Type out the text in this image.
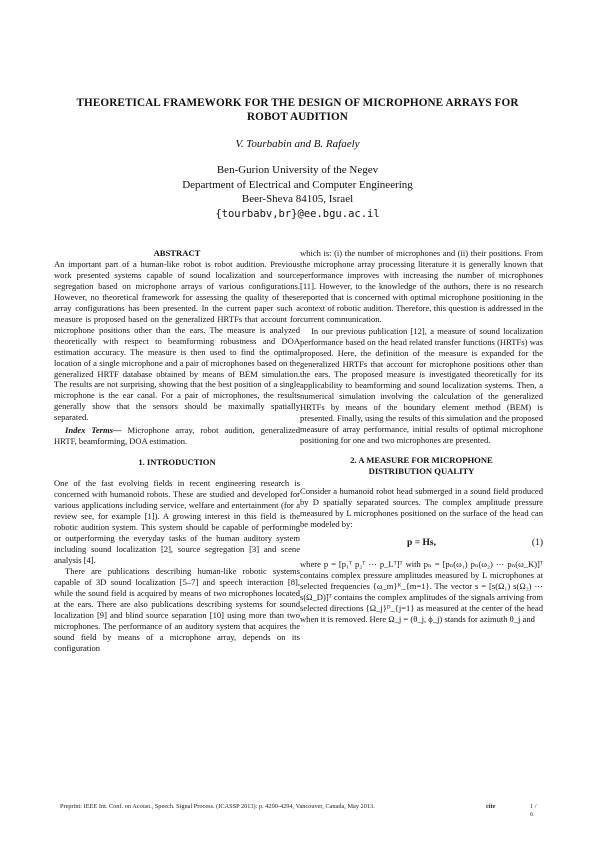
THEORETICAL FRAMEWORK FOR THE DESIGN OF MICROPHONE ARRAYS FOR ROBOT AUDITION
V. Tourbabin and B. Rafaely
Ben-Gurion University of the Negev
Department of Electrical and Computer Engineering
Beer-Sheva 84105, Israel
{tourbabv,br}@ee.bgu.ac.il
ABSTRACT

An important part of a human-like robot is robot audition. Previous work presented systems capable of sound localization and source segregation based on microphone arrays of various configurations. However, no theoretical framework for assessing the quality of these array configurations has been presented. In the current paper such a measure is proposed based on the generalized HRTFs that account for microphone positions other than the ears. The measure is analyzed theoretically with respect to beamforming robustness and DOA estimation accuracy. The measure is then used to find the optimal location of a single microphone and a pair of microphones based on the generalized HRTF database obtained by means of BEM simulation. The results are not surprising, showing that the best position of a single microphone is the ear canal. For a pair of microphones, the results generally show that the sensors should be maximally spatially separated.

Index Terms— Microphone array, robot audition, generalized HRTF, beamforming, DOA estimation.

1. INTRODUCTION

One of the fast evolving fields in recent engineering research is concerned with humanoid robots. These are studied and developed for various applications including service, welfare and entertainment (for a review see, for example [1]). A growing interest in this field is the robotic audition system. This system should be capable of performing or outperforming the everyday tasks of the human auditory system including sound localization [2], source segregation [3] and scene analysis [4].

There are publications describing human-like robotic systems capable of 3D sound localization [5–7] and speech interaction [8], while the sound field is acquired by means of two microphones located at the ears. There are also publications describing systems for sound localization [9] and blind source separation [10] using more than two microphones. The performance of an auditory system that acquires the sound field by means of a microphone array, depends on its configuration

which is: (i) the number of microphones and (ii) their positions. From the microphone array processing literature it is generally known that performance improves with increasing the number of microphones [11]. However, to the knowledge of the authors, there is no research reported that is concerned with optimal microphone positioning in the context of robotic audition. Therefore, this question is addressed in the current communication.

In our previous publication [12], a measure of sound localization performance based on the head related transfer functions (HRTFs) was proposed. Here, the definition of the measure is expanded for the generalized HRTFs that account for microphone positions other than the ears. The proposed measure is investigated theoretically for its applicability to beamforming and sound localization systems. Then, a numerical simulation involving the calculation of the generalized HRTFs by means of the boundary element method (BEM) is presented. Finally, using the results of this simulation and the proposed measure of array performance, initial results of optimal microphone positioning for one and two microphones are presented.

2. A MEASURE FOR MICROPHONE
DISTRIBUTION QUALITY

Consider a humanoid robot head submerged in a sound field produced by D spatially separated sources. The complex amplitude pressure measured by L microphones positioned on the surface of the head can be modeled by:

p = Hs,	(1)

where p = [p₁ᵀ p₂ᵀ ⋯ p_Lᵀ]ᵀ with pₙ = [pₙ(ω₁) pₙ(ω₂) ⋯ pₙ(ω_K)]ᵀ contains complex pressure amplitudes measured by L microphones at selected frequencies {ω_m}ᴷ_{m=1}. The vector s = [s(Ω₁) s(Ω₂) ⋯ s(Ω_D)]ᵀ contains the complex amplitudes of the signals arriving from selected directions {Ω_j}ᴰ_{j=1} as measured at the center of the head when it is removed. Here Ω_j = (θ_j, ϕ_j) stands for azimuth θ_j and

Preprint: IEEE Int. Conf. on Acoust., Speech. Signal Process. (ICASSP 2013): p. 4290-4294, Vancouver, Canada, May 2013.	cite	1 / 6
